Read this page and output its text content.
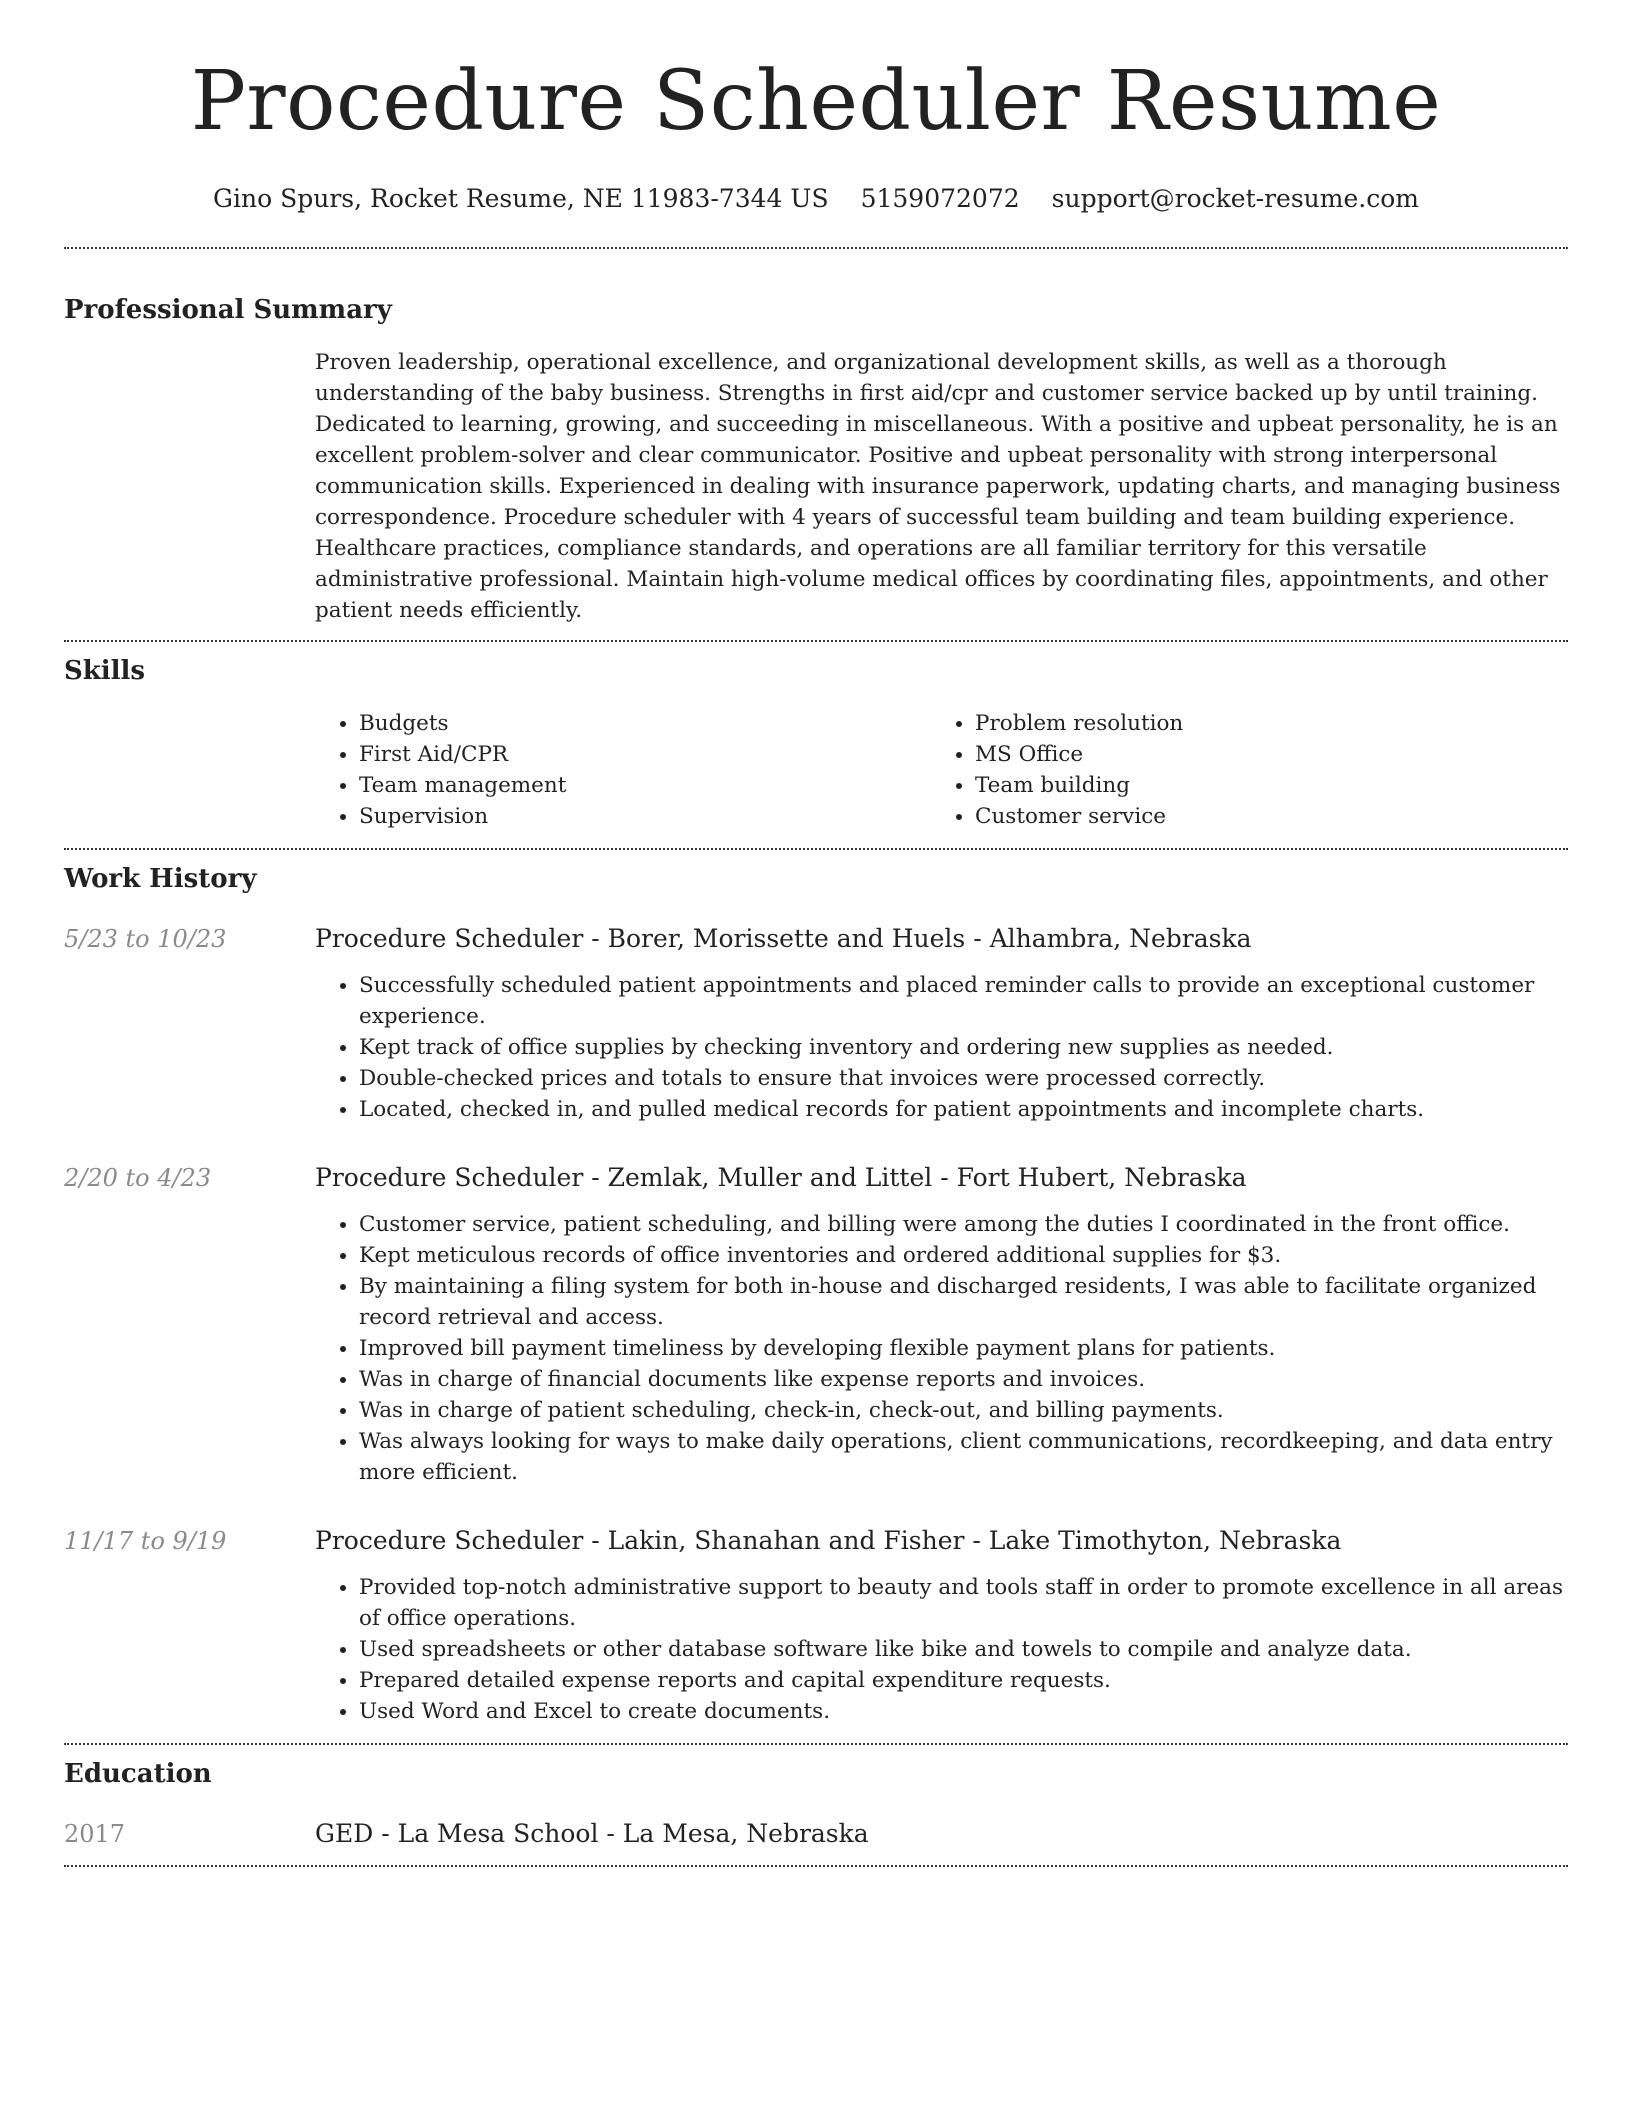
Procedure Scheduler Resume
Gino Spurs, Rocket Resume, NE 11983-7344 US 5159072072 support@rocket-resume.com
Professional Summary

Proven leadership, operational excellence, and organizational development skills, as well as a thorough understanding of the baby business. Strengths in first aid/cpr and customer service backed up by until training. Dedicated to learning, growing, and succeeding in miscellaneous. With a positive and upbeat personality, he is an excellent problem-solver and clear communicator. Positive and upbeat personality with strong interpersonal communication skills. Experienced in dealing with insurance paperwork, updating charts, and managing business correspondence. Procedure scheduler with 4 years of successful team building and team building experience. Healthcare practices, compliance standards, and operations are all familiar territory for this versatile administrative professional. Maintain high-volume medical offices by coordinating files, appointments, and other patient needs efficiently.

Skills
• Budgets
• First Aid/CPR
• Team management
• Supervision
• Problem resolution
• MS Office
• Team building
• Customer service
Work History
5/23 to 10/23	Procedure Scheduler - Borer, Morissette and Huels - Alhambra, Nebraska
• Successfully scheduled patient appointments and placed reminder calls to provide an exceptional customer experience.
• Kept track of office supplies by checking inventory and ordering new supplies as needed.
• Double-checked prices and totals to ensure that invoices were processed correctly.
• Located, checked in, and pulled medical records for patient appointments and incomplete charts.
2/20 to 4/23	Procedure Scheduler - Zemlak, Muller and Littel - Fort Hubert, Nebraska
• Customer service, patient scheduling, and billing were among the duties I coordinated in the front office.
• Kept meticulous records of office inventories and ordered additional supplies for $3.
• By maintaining a filing system for both in-house and discharged residents, I was able to facilitate organized record retrieval and access.
• Improved bill payment timeliness by developing flexible payment plans for patients.
• Was in charge of financial documents like expense reports and invoices.
• Was in charge of patient scheduling, check-in, check-out, and billing payments.
• Was always looking for ways to make daily operations, client communications, recordkeeping, and data entry more efficient.
11/17 to 9/19	Procedure Scheduler - Lakin, Shanahan and Fisher - Lake Timothyton, Nebraska
• Provided top-notch administrative support to beauty and tools staff in order to promote excellence in all areas of office operations.
• Used spreadsheets or other database software like bike and towels to compile and analyze data.
• Prepared detailed expense reports and capital expenditure requests.
• Used Word and Excel to create documents.
Education
2017	GED - La Mesa School - La Mesa, Nebraska
